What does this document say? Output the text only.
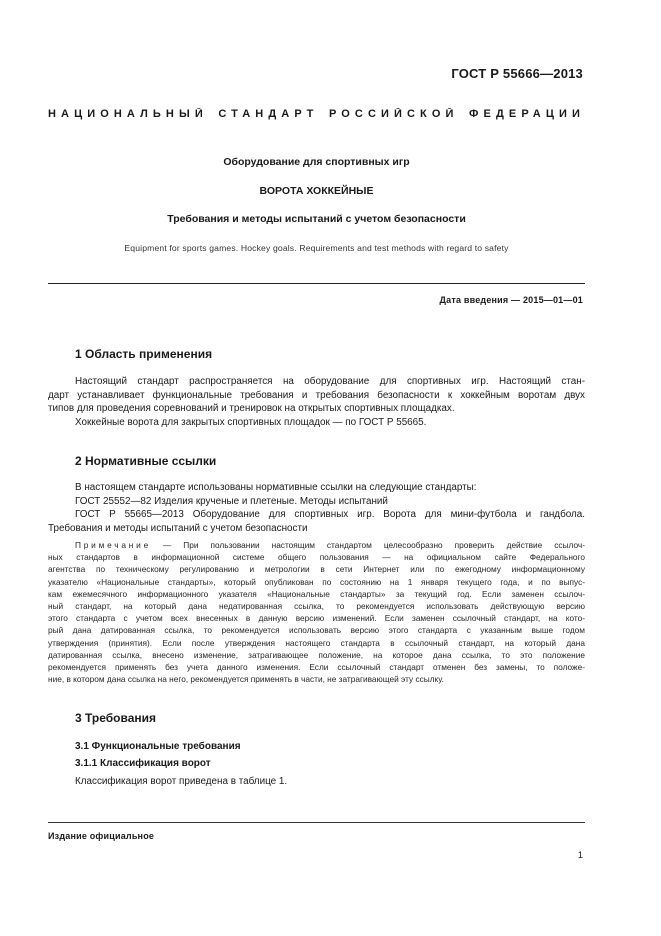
ГОСТ Р 55666—2013
НАЦИОНАЛЬНЫЙ СТАНДАРТ РОССИЙСКОЙ ФЕДЕРАЦИИ
Оборудование для спортивных игр
ВОРОТА ХОККЕЙНЫЕ
Требования и методы испытаний с учетом безопасности
Equipment for sports games. Hockey goals. Requirements and test methods with regard to safety
Дата введения — 2015—01—01
1 Область применения
Настоящий стандарт распространяется на оборудование для спортивных игр. Настоящий стан-
дарт устанавливает функциональные требования и требования безопасности к хоккейным воротам двух
типов для проведения соревнований и тренировок на открытых спортивных площадках.
Хоккейные ворота для закрытых спортивных площадок — по ГОСТ Р 55665.
2 Нормативные ссылки
В настоящем стандарте использованы нормативные ссылки на следующие стандарты:
ГОСТ 25552—82 Изделия крученые и плетеные. Методы испытаний
ГОСТ Р 55665—2013 Оборудование для спортивных игр. Ворота для мини-футбола и гандбола.
Требования и методы испытаний с учетом безопасности
Примечание — При пользовании настоящим стандартом целесообразно проверить действие ссылоч-
ных стандартов в информационной системе общего пользования — на официальном сайте Федерального
агентства по техническому регулированию и метрологии в сети Интернет или по ежегодному информационному
указателю «Национальные стандарты», который опубликован по состоянию на 1 января текущего года, и по выпус-
кам ежемесячного информационного указателя «Национальные стандарты» за текущий год. Если заменен ссылоч-
ный стандарт, на который дана недатированная ссылка, то рекомендуется использовать действующую версию
этого стандарта с учетом всех внесенных в данную версию изменений. Если заменен ссылочный стандарт, на кото-
рый дана датированная ссылка, то рекомендуется использовать версию этого стандарта с указанным выше годом
утверждения (принятия). Если после утверждения настоящего стандарта в ссылочный стандарт, на который дана
датированная ссылка, внесено изменение, затрагивающее положение, на которое дана ссылка, то это положение
рекомендуется применять без учета данного изменения. Если ссылочный стандарт отменен без замены, то положе-
ние, в котором дана ссылка на него, рекомендуется применять в части, не затрагивающей эту ссылку.
3 Требования
3.1 Функциональные требования
3.1.1 Классификация ворот
Классификация ворот приведена в таблице 1.
Издание официальное
1
